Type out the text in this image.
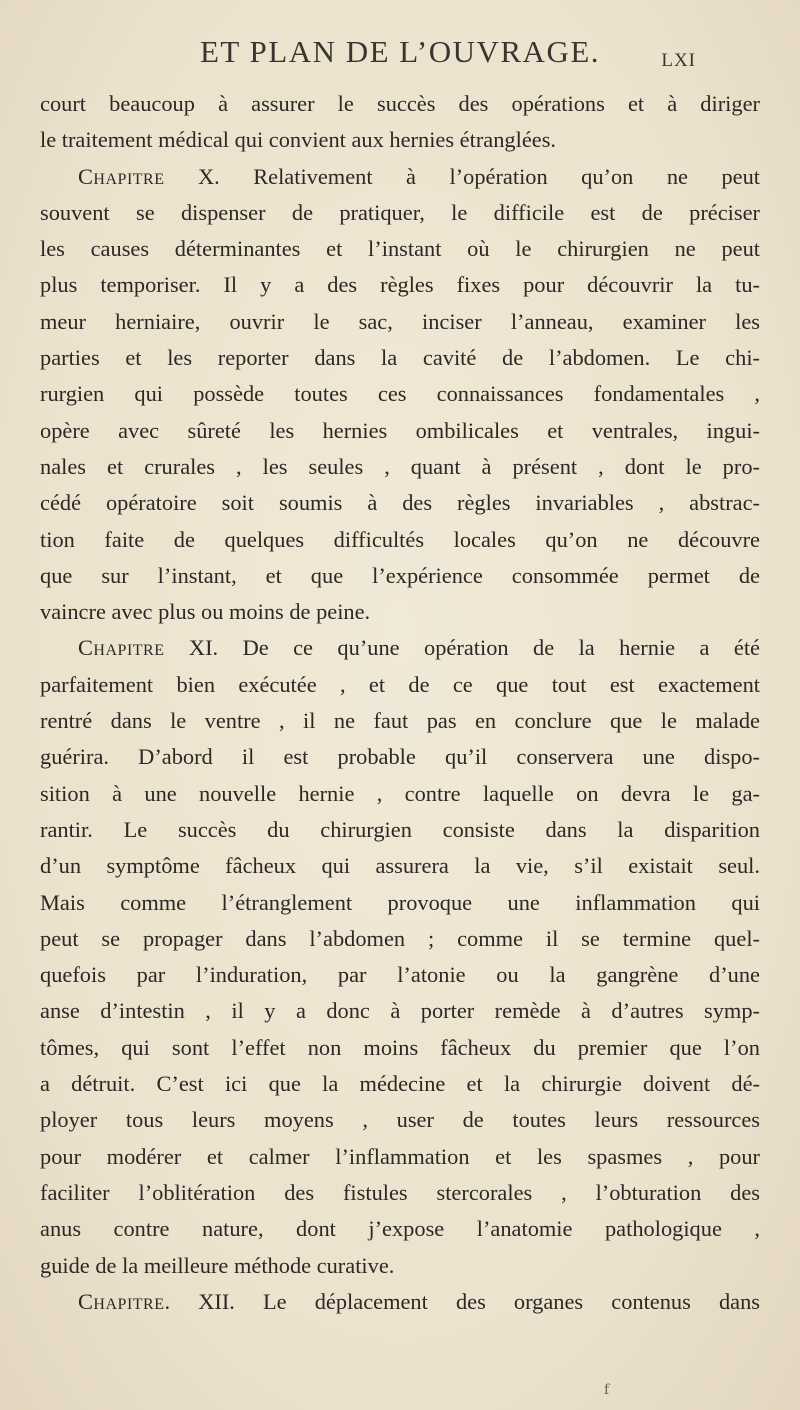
ET PLAN DE L’OUVRAGE.	LXI
court beaucoup à assurer le succès des opérations et à diriger
le traitement médical qui convient aux hernies étranglées.
Chapitre X. Relativement à l’opération qu’on ne peut
souvent se dispenser de pratiquer, le difficile est de préciser
les causes déterminantes et l’instant où le chirurgien ne peut
plus temporiser. Il y a des règles fixes pour découvrir la tu-
meur herniaire, ouvrir le sac, inciser l’anneau, examiner les
parties et les reporter dans la cavité de l’abdomen. Le chi-
rurgien qui possède toutes ces connaissances fondamentales ,
opère avec sûreté les hernies ombilicales et ventrales, ingui-
nales et crurales , les seules , quant à présent , dont le pro-
cédé opératoire soit soumis à des règles invariables , abstrac-
tion faite de quelques difficultés locales qu’on ne découvre
que sur l’instant, et que l’expérience consommée permet de
vaincre avec plus ou moins de peine.
Chapitre XI. De ce qu’une opération de la hernie a été
parfaitement bien exécutée , et de ce que tout est exactement
rentré dans le ventre , il ne faut pas en conclure que le malade
guérira. D’abord il est probable qu’il conservera une dispo-
sition à une nouvelle hernie , contre laquelle on devra le ga-
rantir. Le succès du chirurgien consiste dans la disparition
d’un symptôme fâcheux qui assurera la vie, s’il existait seul.
Mais comme l’étranglement provoque une inflammation qui
peut se propager dans l’abdomen ; comme il se termine quel-
quefois par l’induration, par l’atonie ou la gangrène d’une
anse d’intestin , il y a donc à porter remède à d’autres symp-
tômes, qui sont l’effet non moins fâcheux du premier que l’on
a détruit. C’est ici que la médecine et la chirurgie doivent dé-
ployer tous leurs moyens , user de toutes leurs ressources
pour modérer et calmer l’inflammation et les spasmes , pour
faciliter l’oblitération des fistules stercorales , l’obturation des
anus contre nature, dont j’expose l’anatomie pathologique ,
guide de la meilleure méthode curative.
Chapitre. XII. Le déplacement des organes contenus dans
f
